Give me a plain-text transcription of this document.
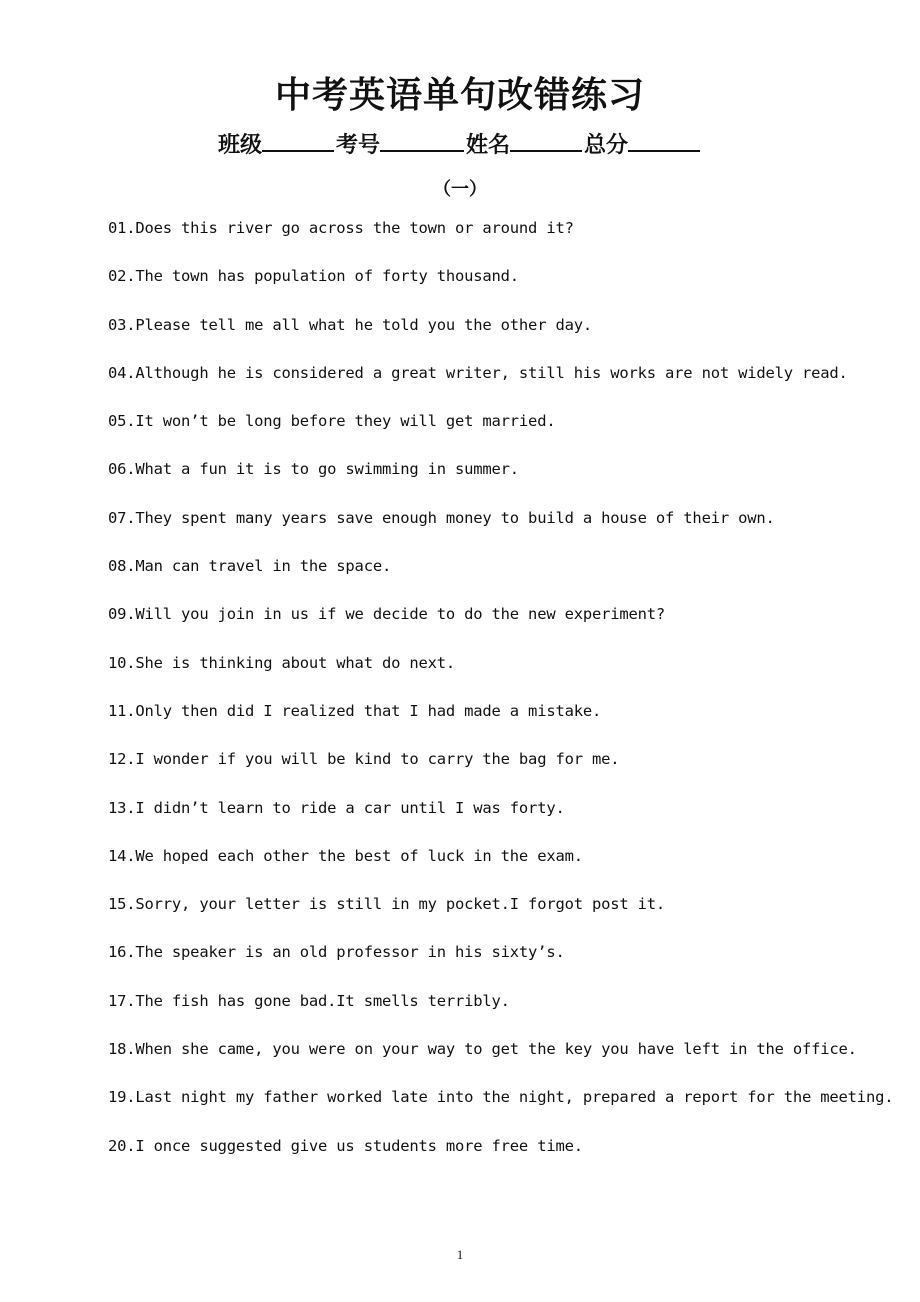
中考英语单句改错练习
班级	考号	姓名	总分
（一）
01.Does this river go across the town or around it?
02.The town has population of forty thousand.
03.Please tell me all what he told you the other day.
04.Although he is considered a great writer, still his works are not widely read.
05.It won’t be long before they will get married.
06.What a fun it is to go swimming in summer.
07.They spent many years save enough money to build a house of their own.
08.Man can travel in the space.
09.Will you join in us if we decide to do the new experiment?
10.She is thinking about what do next.
11.Only then did I realized that I had made a mistake.
12.I wonder if you will be kind to carry the bag for me.
13.I didn’t learn to ride a car until I was forty.
14.We hoped each other the best of luck in the exam.
15.Sorry, your letter is still in my pocket.I forgot post it.
16.The speaker is an old professor in his sixty’s.
17.The fish has gone bad.It smells terribly.
18.When she came, you were on your way to get the key you have left in the office.
19.Last night my father worked late into the night, prepared a report for the meeting.
20.I once suggested give us students more free time.
1
